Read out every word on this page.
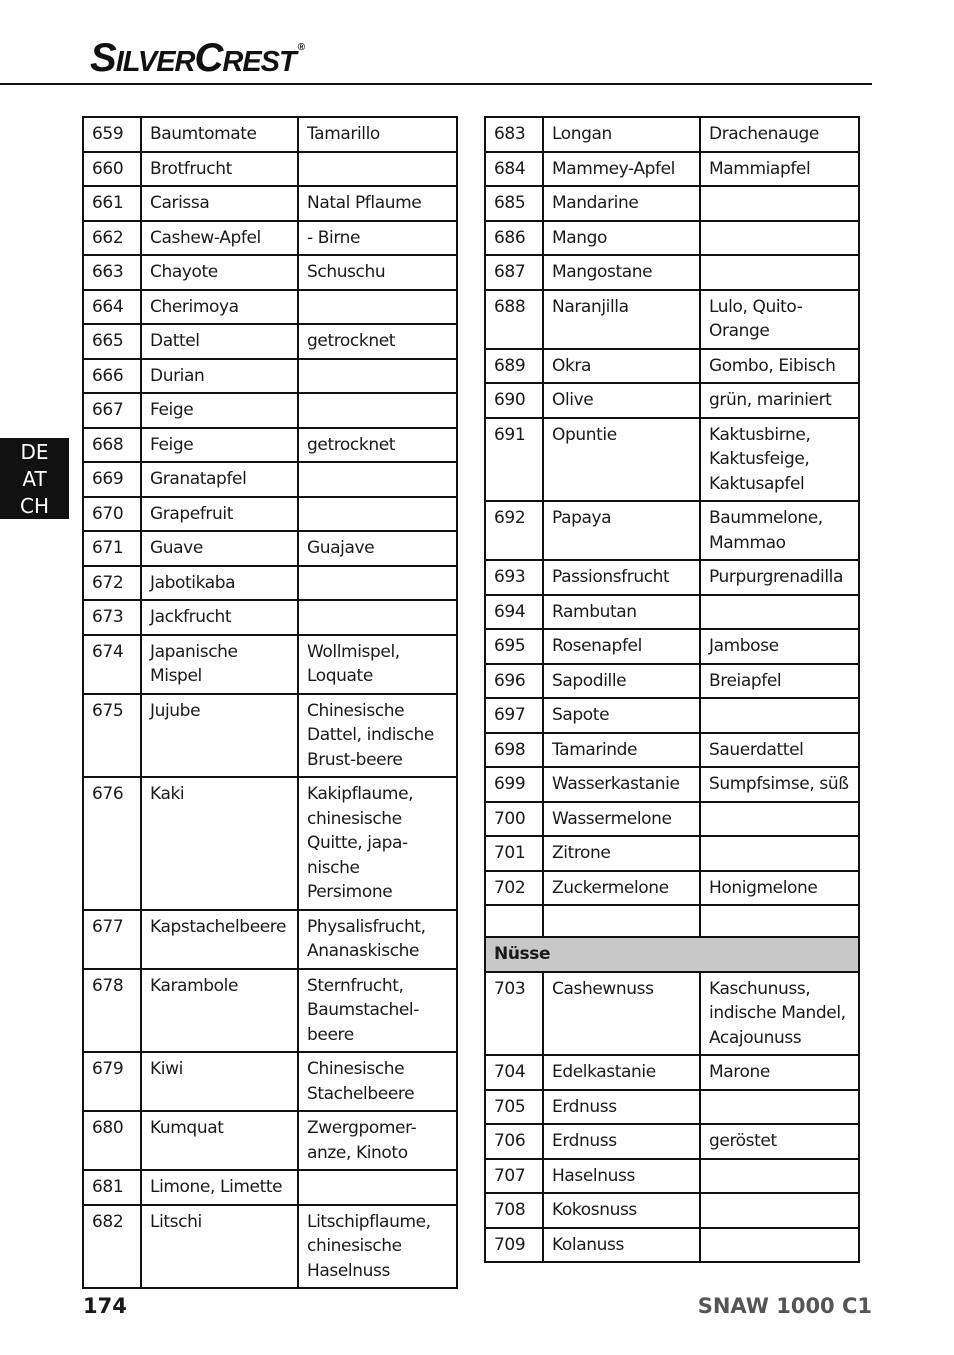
SILVERCREST ®
DE
AT
CH
659	Baumtomate	Tamarillo
660	Brotfrucht	
661	Carissa	Natal Pflaume
662	Cashew-Apfel	- Birne
663	Chayote	Schuschu
664	Cherimoya	
665	Dattel	getrocknet
666	Durian	
667	Feige	
668	Feige	getrocknet
669	Granatapfel	
670	Grapefruit	
671	Guave	Guajave
672	Jabotikaba	
673	Jackfrucht	
674	Japanische Mispel	Wollmispel, Loquate
675	Jujube	Chinesische Dattel, indische Brust-beere
676	Kaki	Kakipflaume, chinesische Quitte, japa-nische Persimone
677	Kapstachelbeere	Physalisfrucht, Ananaskische
678	Karambole	Sternfrucht, Baumstachel-beere
679	Kiwi	Chinesische Stachelbeere
680	Kumquat	Zwergpomer-anze, Kinoto
681	Limone, Limette	
682	Litschi	Litschipflaume, chinesische Haselnuss
683	Longan	Drachenauge
684	Mammey-Apfel	Mammiapfel
685	Mandarine	
686	Mango	
687	Mangostane	
688	Naranjilla	Lulo, Quito-Orange
689	Okra	Gombo, Eibisch
690	Olive	grün, mariniert
691	Opuntie	Kaktusbirne, Kaktusfeige, Kaktusapfel
692	Papaya	Baummelone, Mammao
693	Passionsfrucht	Purpurgrenadilla
694	Rambutan	
695	Rosenapfel	Jambose
696	Sapodille	Breiapfel
697	Sapote	
698	Tamarinde	Sauerdattel
699	Wasserkastanie	Sumpfsimse, süß
700	Wassermelone	
701	Zitrone	
702	Zuckermelone	Honigmelone

Nüsse		
703	Cashewnuss	Kaschunuss, indische Mandel, Acajounuss
704	Edelkastanie	Marone
705	Erdnuss	
706	Erdnuss	geröstet
707	Haselnuss	
708	Kokosnuss	
709	Kolanuss	
174	SNAW 1000 C1
